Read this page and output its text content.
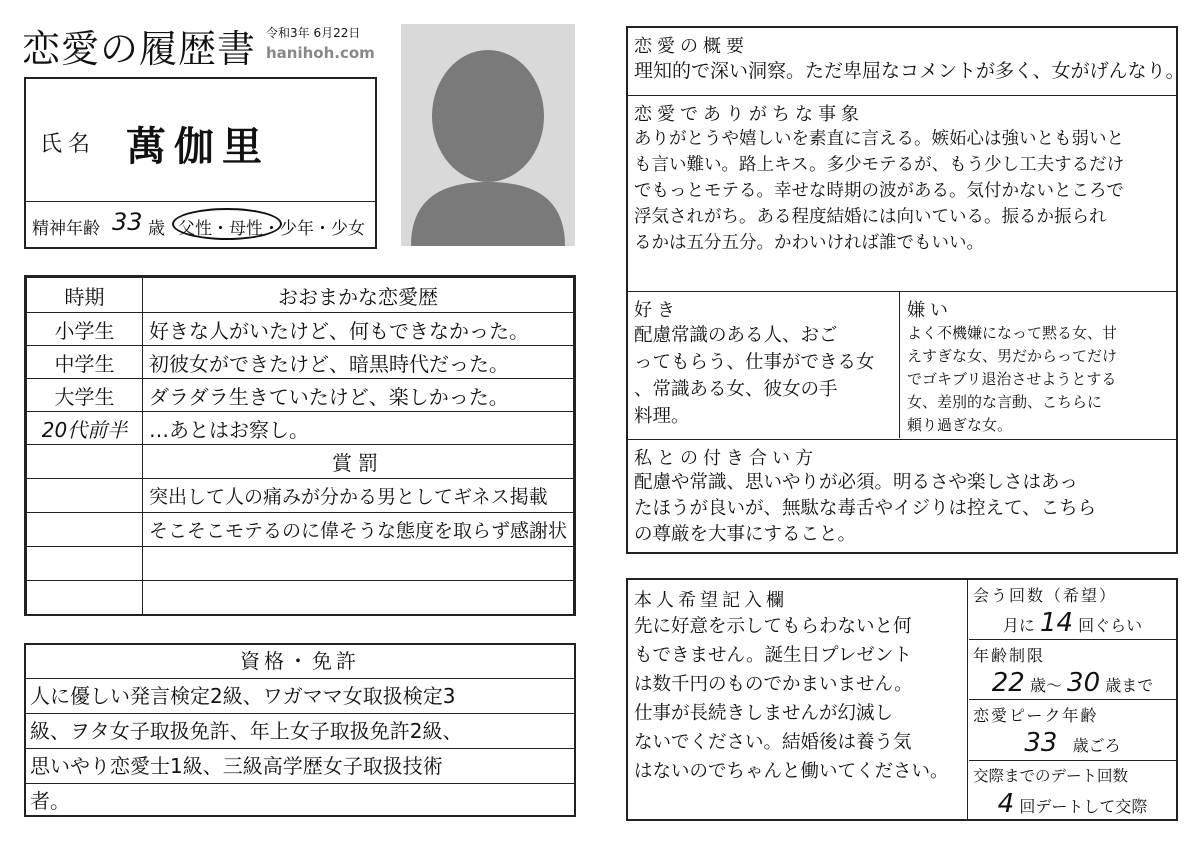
恋愛の履歴書 令和3年 6月22日
hanihoh.com
氏名 萬伽里
精神年齢 33 歳 父性・母性・少年・少女
時期	おおまかな恋愛歴
小学生	好きな人がいたけど、何もできなかった。
中学生	初彼女ができたけど、暗黒時代だった。
大学生	ダラダラ生きていたけど、楽しかった。
20代前半	…あとはお察し。
	賞罰
	突出して人の痛みが分かる男としてギネス掲載
	そこそこモテるのに偉そうな態度を取らず感謝状

資格・免許
人に優しい発言検定2級、ワガママ女取扱検定3
級、ヲタ女子取扱免許、年上女子取扱免許2級、
思いやり恋愛士1級、三級高学歴女子取扱技術
者。
恋愛の概要
理知的で深い洞察。ただ卑屈なコメントが多く、女がげんなり。
恋愛でありがちな事象
ありがとうや嬉しいを素直に言える。嫉妬心は強いとも弱いと
も言い難い。路上キス。多少モテるが、もう少し工夫するだけ
でもっとモテる。幸せな時期の波がある。気付かないところで
浮気されがち。ある程度結婚には向いている。振るか振られ
るかは五分五分。かわいければ誰でもいい。
好き
配慮常識のある人、おご
ってもらう、仕事ができる女
、常識ある女、彼女の手
料理。
嫌い
よく不機嫌になって黙る女、甘
えすぎな女、男だからってだけ
でゴキブリ退治させようとする
女、差別的な言動、こちらに
頼り過ぎな女。
私との付き合い方
配慮や常識、思いやりが必須。明るさや楽しさはあっ
たほうが良いが、無駄な毒舌やイジりは控えて、こちら
の尊厳を大事にすること。
本人希望記入欄
先に好意を示してもらわないと何
もできません。誕生日プレゼント
は数千円のものでかまいません。
仕事が長続きしませんが幻滅し
ないでください。結婚後は養う気
はないのでちゃんと働いてください。
会う回数（希望）
月に 14 回ぐらい
年齢制限
22 歳〜 30 歳まで
恋愛ピーク年齢
33 歳ごろ
交際までのデート回数
4 回デートして交際
